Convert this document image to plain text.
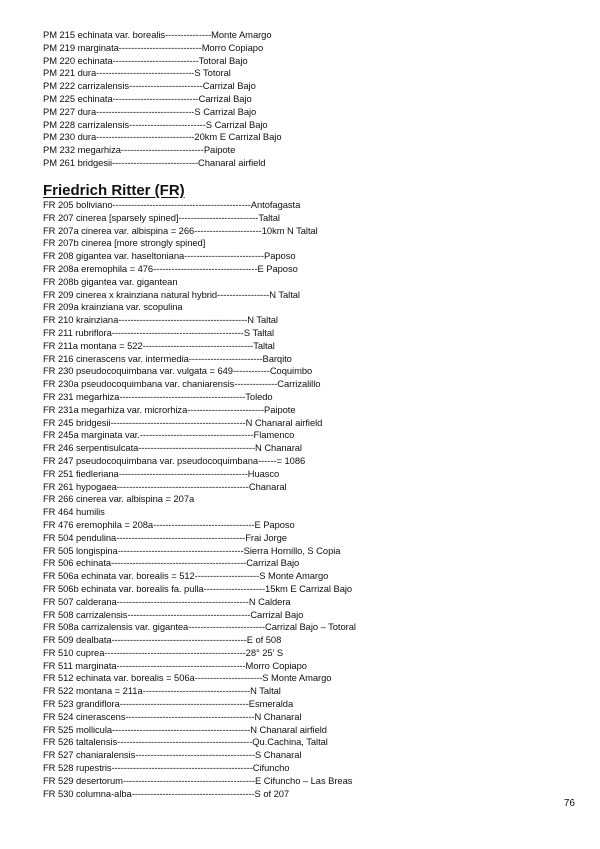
PM 215 echinata var. borealis---------------Monte Amargo
PM 219 marginata---------------------------Morro Copiapo
PM 220 echinata----------------------------Totoral Bajo
PM 221 dura--------------------------------S Totoral
PM 222 carrizalensis------------------------Carrizal Bajo
PM 225 echinata----------------------------Carrizal Bajo
PM 227 dura--------------------------------S Carrizal Bajo
PM 228 carrizalensis-------------------------S Carrizal Bajo
PM 230 dura--------------------------------20km E Carrizal Bajo
PM 232 megarhiza---------------------------Paipote
PM 261 bridgesii----------------------------Chanaral airfield
Friedrich Ritter (FR)
FR 205 boliviano---------------------------------------------Antofagasta
FR 207 cinerea [sparsely spined]--------------------------Taltal
FR 207a cinerea var. albispina = 266----------------------10km N Taltal
FR 207b cinerea [more strongly spined]
FR 208 gigantea var. haseltoniana--------------------------Paposo
FR 208a eremophila = 476----------------------------------E Paposo
FR 208b gigantea var. gigantean
FR 209 cinerea x krainziana natural hybrid-----------------N Taltal
FR 209a krainziana var. scopulina
FR 210 krainziana------------------------------------------N Taltal
FR 211 rubriflora-------------------------------------------S Taltal
FR 211a montana = 522------------------------------------Taltal
FR 216 cinerascens var. intermedia------------------------Barqito
FR 230 pseudocoquimbana var. vulgata = 649------------Coquimbo
FR 230a pseudocoquimbana var. chaniarensis--------------Carrizalillo
FR 231 megarhiza-----------------------------------------Toledo
FR 231a megarhiza var. microrhiza-------------------------Paipote
FR 245 bridgesii--------------------------------------------N Chanaral airfield
FR 245a marginata var.-------------------------------------Flamenco
FR 246 serpentisulcata--------------------------------------N Chanaral
FR 247 pseudocoquimbana var. pseudocoquimbana------= 1086
FR 251 fiedleriana------------------------------------------Huasco
FR 261 hypogaea-------------------------------------------Chanaral
FR 266 cinerea var. albispina = 207a
FR 464 humilis
FR 476 eremophila = 208a---------------------------------E Paposo
FR 504 pendulina------------------------------------------Frai Jorge
FR 505 longispina-----------------------------------------Sierra Hornillo, S Copia
FR 506 echinata--------------------------------------------Carrizal Bajo
FR 506a echinata var. borealis = 512---------------------S Monte Amargo
FR 506b echinata var. borealis fa. pulla--------------------15km E Carrizal Bajo
FR 507 calderana-------------------------------------------N Caldera
FR 508 carrizalensis----------------------------------------Carrizal Bajo
FR 508a carrizalensis var. gigantea-------------------------Carrizal Bajo – Totoral
FR 509 dealbata--------------------------------------------E of 508
FR 510 cuprea----------------------------------------------28° 25' S
FR 511 marginata------------------------------------------Morro Copiapo
FR 512 echinata var. borealis = 506a----------------------S Monte Amargo
FR 522 montana = 211a-----------------------------------N Taltal
FR 523 grandiflora------------------------------------------Esmeralda
FR 524 cinerascens------------------------------------------N Chanaral
FR 525 mollicula---------------------------------------------N Chanaral airfield
FR 526 taltalensis--------------------------------------------Qu.Cachina, Taltal
FR 527 chaniaralensis---------------------------------------S Chanaral
FR 528 rupestris----------------------------------------------Cifuncho
FR 529 desertorum-------------------------------------------E Cifuncho – Las Breas
FR 530 columna-alba----------------------------------------S of 207
76
